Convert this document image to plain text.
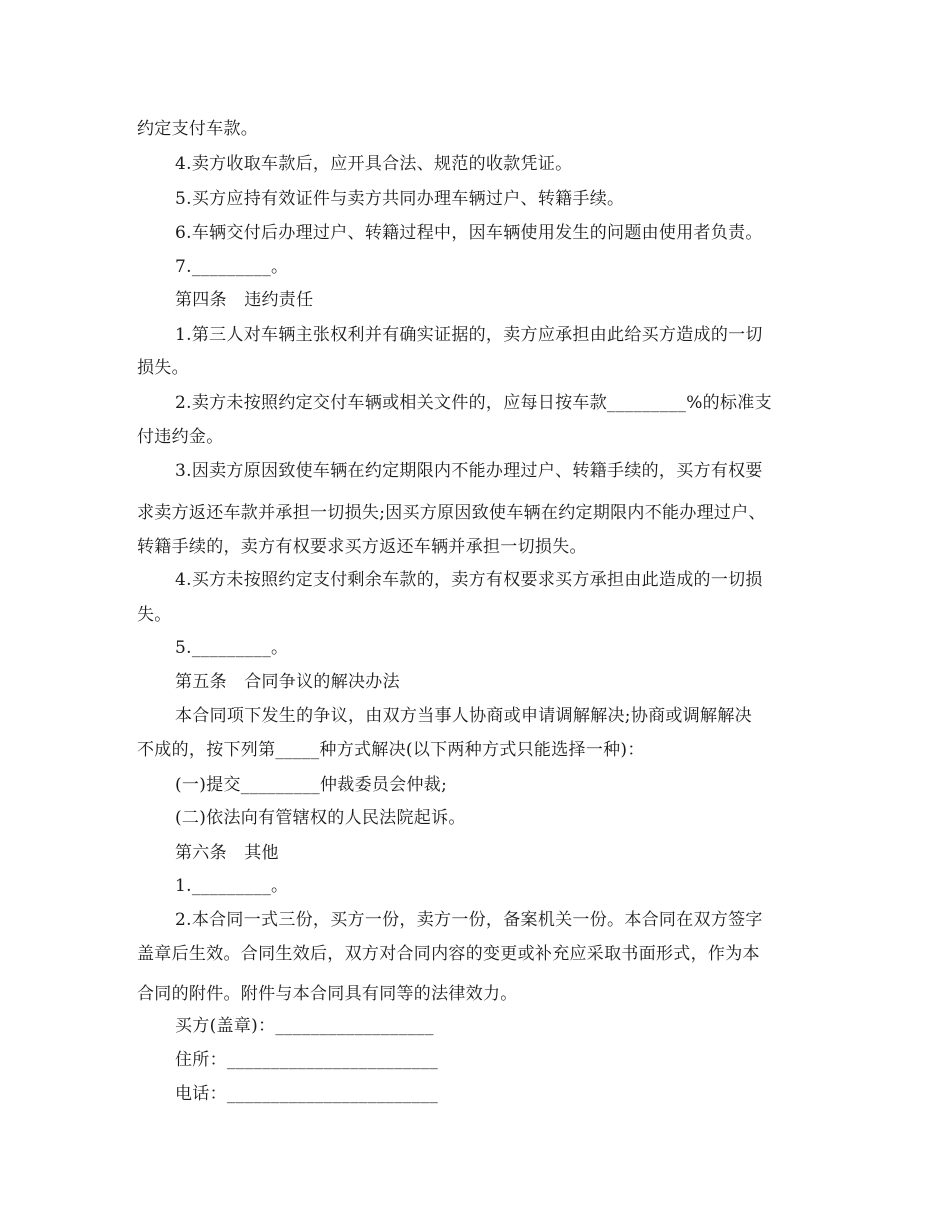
约定支付车款。
4.卖方收取车款后，应开具合法、规范的收款凭证。
5.买方应持有效证件与卖方共同办理车辆过户、转籍手续。
6.车辆交付后办理过户、转籍过程中，因车辆使用发生的问题由使用者负责。
7._________。
第四条　违约责任
1.第三人对车辆主张权利并有确实证据的，卖方应承担由此给买方造成的一切
损失。
2.卖方未按照约定交付车辆或相关文件的，应每日按车款_________%的标准支
付违约金。
3.因卖方原因致使车辆在约定期限内不能办理过户、转籍手续的，买方有权要
求卖方返还车款并承担一切损失;因买方原因致使车辆在约定期限内不能办理过户、
转籍手续的，卖方有权要求买方返还车辆并承担一切损失。
4.买方未按照约定支付剩余车款的，卖方有权要求买方承担由此造成的一切损
失。
5._________。
第五条　合同争议的解决办法
本合同项下发生的争议，由双方当事人协商或申请调解解决;协商或调解解决
不成的，按下列第_____种方式解决(以下两种方式只能选择一种)：
(一)提交_________仲裁委员会仲裁;
(二)依法向有管辖权的人民法院起诉。
第六条　其他
1._________。
2.本合同一式三份，买方一份，卖方一份，备案机关一份。本合同在双方签字
盖章后生效。合同生效后，双方对合同内容的变更或补充应采取书面形式，作为本
合同的附件。附件与本合同具有同等的法律效力。
买方(盖章)：__________________
住所：________________________
电话：________________________
